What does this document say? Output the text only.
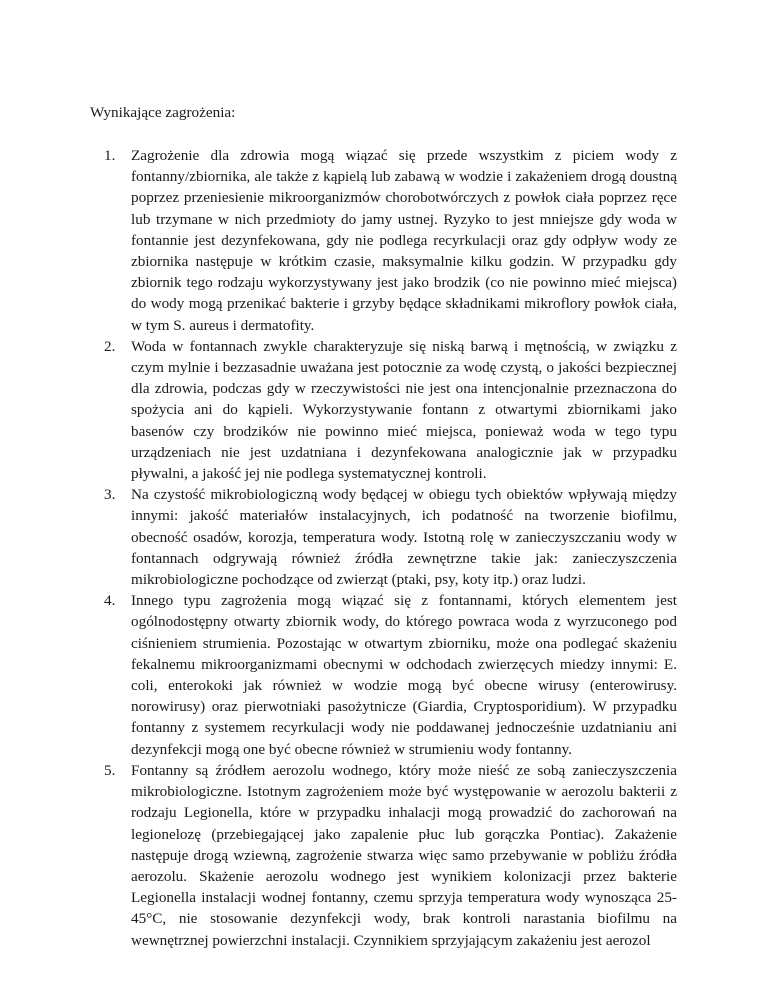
Wynikające zagrożenia:

1.	Zagrożenie dla zdrowia mogą wiązać się przede wszystkim z piciem wody z fontanny/zbiornika, ale także z kąpielą lub zabawą w wodzie i zakażeniem drogą doustną poprzez przeniesienie mikroorganizmów chorobotwórczych z powłok ciała poprzez ręce lub trzymane w nich przedmioty do jamy ustnej. Ryzyko to jest mniejsze gdy woda w fontannie jest dezynfekowana, gdy nie podlega recyrkulacji oraz gdy odpływ wody ze zbiornika następuje w krótkim czasie, maksymalnie kilku godzin. W przypadku gdy zbiornik tego rodzaju wykorzystywany jest jako brodzik (co nie powinno mieć miejsca) do wody mogą przenikać bakterie i grzyby będące składnikami mikroflory powłok ciała, w tym S. aureus i dermatofity.
2.	Woda w fontannach zwykle charakteryzuje się niską barwą i mętnością, w związku z czym mylnie i bezzasadnie uważana jest potocznie za wodę czystą, o jakości bezpiecznej dla zdrowia, podczas gdy w rzeczywistości nie jest ona intencjonalnie przeznaczona do spożycia ani do kąpieli. Wykorzystywanie fontann z otwartymi zbiornikami jako basenów czy brodzików nie powinno mieć miejsca, ponieważ woda w tego typu urządzeniach nie jest uzdatniana i dezynfekowana analogicznie jak w przypadku pływalni, a jakość jej nie podlega systematycznej kontroli.
3.	Na czystość mikrobiologiczną wody będącej w obiegu tych obiektów wpływają między innymi: jakość materiałów instalacyjnych, ich podatność na tworzenie biofilmu, obecność osadów, korozja, temperatura wody. Istotną rolę w zanieczyszczaniu wody w fontannach odgrywają również źródła zewnętrzne takie jak: zanieczyszczenia mikrobiologiczne pochodzące od zwierząt (ptaki, psy, koty itp.) oraz ludzi.
4.	Innego typu zagrożenia mogą wiązać się z fontannami, których elementem jest ogólnodostępny otwarty zbiornik wody, do którego powraca woda z wyrzuconego pod ciśnieniem strumienia. Pozostając w otwartym zbiorniku, może ona podlegać skażeniu fekalnemu mikroorganizmami obecnymi w odchodach zwierzęcych miedzy innymi: E. coli, enterokoki jak również w wodzie mogą być obecne wirusy (enterowirusy. norowirusy) oraz pierwotniaki pasożytnicze (Giardia, Cryptosporidium). W przypadku fontanny z systemem recyrkulacji wody nie poddawanej jednocześnie uzdatnianiu ani dezynfekcji mogą one być obecne również w strumieniu wody fontanny.
5.	Fontanny są źródłem aerozolu wodnego, który może nieść ze sobą zanieczyszczenia mikrobiologiczne. Istotnym zagrożeniem może być występowanie w aerozolu bakterii z rodzaju Legionella, które w przypadku inhalacji mogą prowadzić do zachorowań na legionelozę (przebiegającej jako zapalenie płuc lub gorączka Pontiac). Zakażenie następuje drogą wziewną, zagrożenie stwarza więc samo przebywanie w pobliżu źródła aerozolu. Skażenie aerozolu wodnego jest wynikiem kolonizacji przez bakterie Legionella instalacji wodnej fontanny, czemu sprzyja temperatura wody wynosząca 25-45°C, nie stosowanie dezynfekcji wody, brak kontroli narastania biofilmu na wewnętrznej powierzchni instalacji. Czynnikiem sprzyjającym zakażeniu jest aerozol
